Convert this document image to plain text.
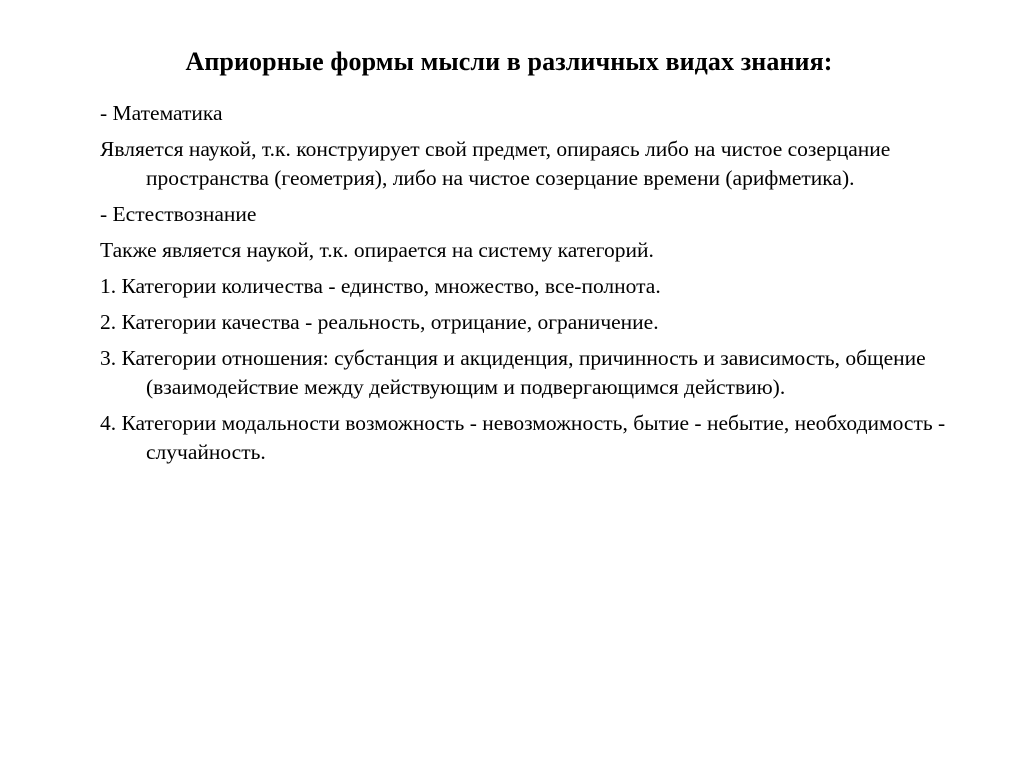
Априорные формы мысли в различных видах знания:

- Математика

Является наукой, т.к. конструирует свой предмет, опираясь либо на чистое созерцание пространства (геометрия), либо на чистое созерцание времени (арифметика).

- Естествознание

Также является наукой, т.к. опирается на систему категорий.

1. Категории количества - единство, множество, все-полнота.

2. Категории качества - реальность, отрицание, ограничение.

3. Категории отношения: субстанция и акциденция, причинность и зависимость, общение (взаимодействие между действующим и подвергающимся действию).

4. Категории модальности возможность - невозможность, бытие - небытие, необходимость - случайность.
